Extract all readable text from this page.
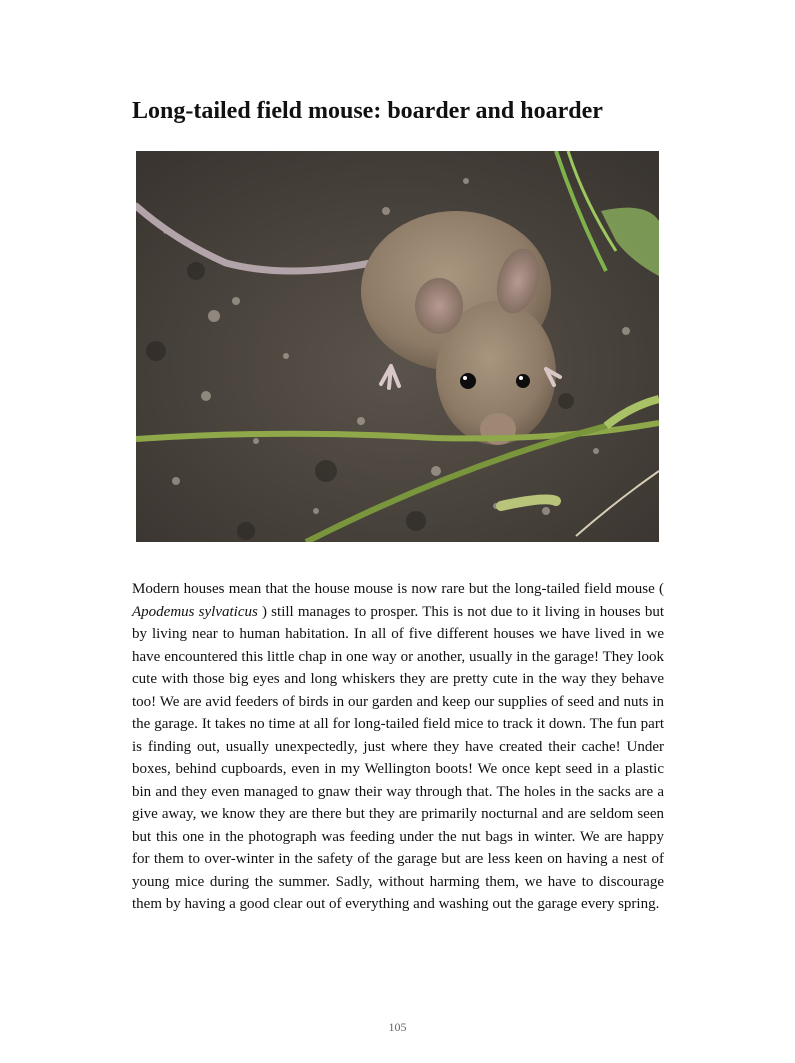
Long-tailed field mouse: boarder and hoarder

Modern houses mean that the house mouse is now rare but the long-tailed field mouse ( Apodemus sylvaticus ) still manages to prosper. This is not due to it living in houses but by living near to human habitation. In all of five different houses we have lived in we have encountered this little chap in one way or another, usually in the garage! They look cute with those big eyes and long whiskers they are pretty cute in the way they behave too! We are avid feeders of birds in our garden and keep our supplies of seed and nuts in the garage. It takes no time at all for long-tailed field mice to track it down. The fun part is finding out, usually unexpectedly, just where they have created their cache! Under boxes, behind cupboards, even in my Wellington boots! We once kept seed in a plastic bin and they even managed to gnaw their way through that. The holes in the sacks are a give away, we know they are there but they are primarily nocturnal and are seldom seen but this one in the photograph was feeding under the nut bags in winter. We are happy for them to over-winter in the safety of the garage but are less keen on having a nest of young mice during the summer. Sadly, without harming them, we have to discourage them by having a good clear out of everything and washing out the garage every spring.

105
